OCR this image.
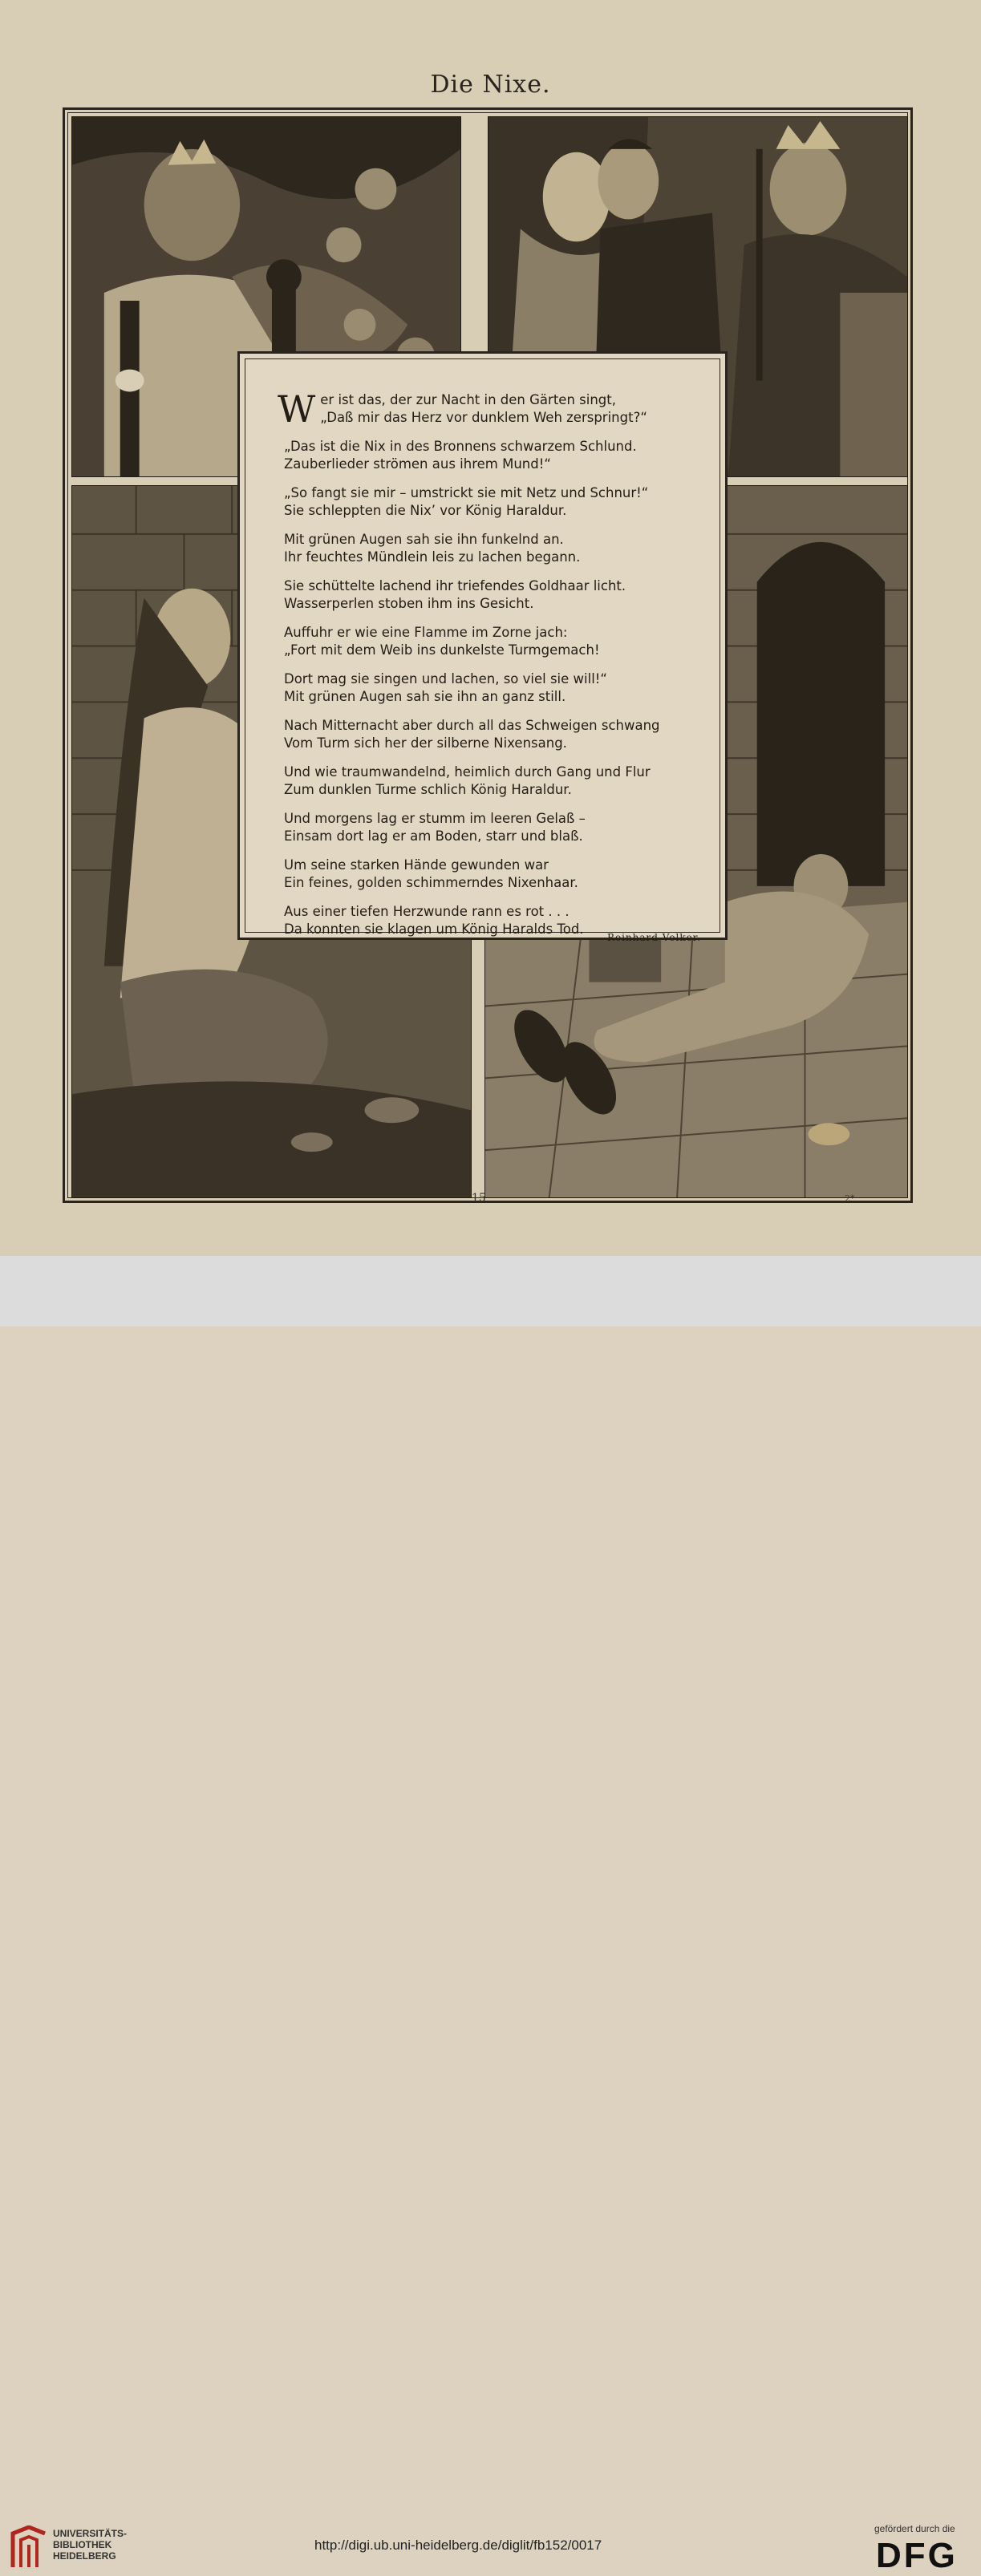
Die Nixe.
W er ist das, der zur Nacht in den Gärten singt,
„Daß mir das Herz vor dunklem Weh zerspringt?“
„Das ist die Nix in des Bronnens schwarzem Schlund.
Zauberlieder strömen aus ihrem Mund!“
„So fangt sie mir – umstrickt sie mit Netz und Schnur!“
Sie schleppten die Nix’ vor König Haraldur.
Mit grünen Augen sah sie ihn funkelnd an.
Ihr feuchtes Mündlein leis zu lachen begann.
Sie schüttelte lachend ihr triefendes Goldhaar licht.
Wasserperlen stoben ihm ins Gesicht.
Auffuhr er wie eine Flamme im Zorne jach:
„Fort mit dem Weib ins dunkelste Turmgemach!
Dort mag sie singen und lachen, so viel sie will!“
Mit grünen Augen sah sie ihn an ganz still.
Nach Mitternacht aber durch all das Schweigen schwang
Vom Turm sich her der silberne Nixensang.
Und wie traumwandelnd, heimlich durch Gang und Flur
Zum dunklen Turme schlich König Haraldur.
Und morgens lag er stumm im leeren Gelaß –
Einsam dort lag er am Boden, starr und blaß.
Um seine starken Hände gewunden war
Ein feines, golden schimmerndes Nixenhaar.
Aus einer tiefen Herzwunde rann es rot . . .
Da konnten sie klagen um König Haralds Tod.
Reinhard Volker.
15	2*
UNIVERSITÄTS-
BIBLIOTHEK
HEIDELBERG
http://digi.ub.uni-heidelberg.de/diglit/fb152/0017
gefördert durch die
DFG
